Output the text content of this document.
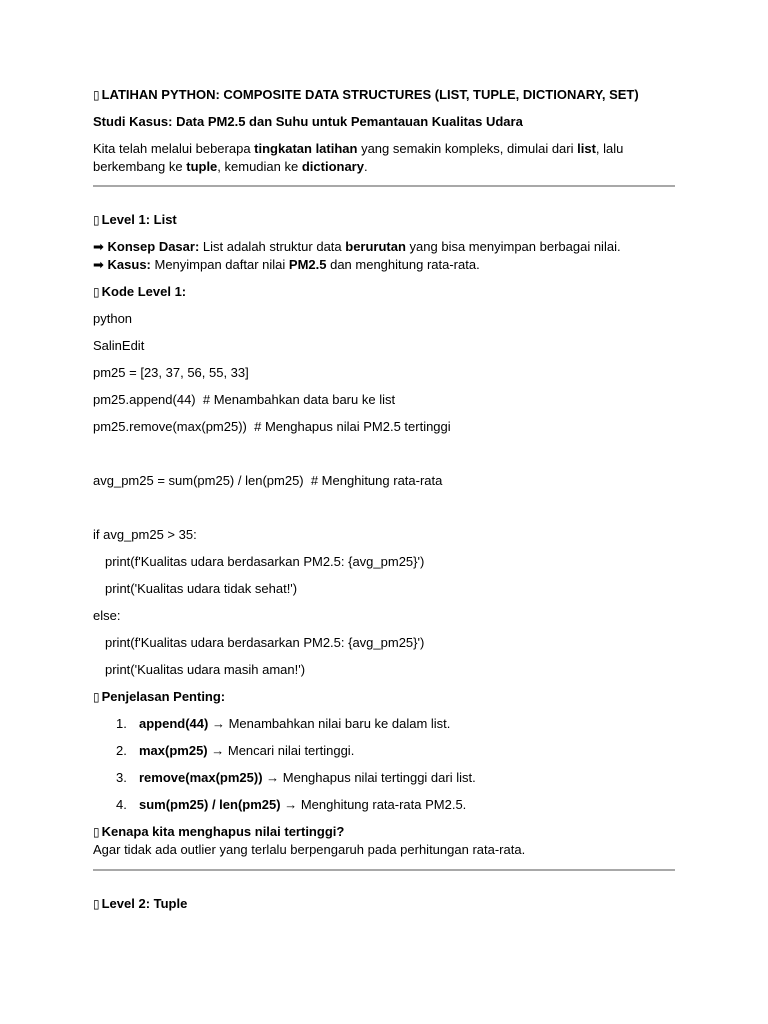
▯ LATIHAN PYTHON: COMPOSITE DATA STRUCTURES (LIST, TUPLE, DICTIONARY, SET)
Studi Kasus: Data PM2.5 dan Suhu untuk Pemantauan Kualitas Udara
Kita telah melalui beberapa tingkatan latihan yang semakin kompleks, dimulai dari list, lalu berkembang ke tuple, kemudian ke dictionary.
▯ Level 1: List
➡ Konsep Dasar: List adalah struktur data berurutan yang bisa menyimpan berbagai nilai.
➡ Kasus: Menyimpan daftar nilai PM2.5 dan menghitung rata-rata.
▯ Kode Level 1:
python
SalinEdit
pm25 = [23, 37, 56, 55, 33]
pm25.append(44)  # Menambahkan data baru ke list
pm25.remove(max(pm25))  # Menghapus nilai PM2.5 tertinggi
avg_pm25 = sum(pm25) / len(pm25)  # Menghitung rata-rata
if avg_pm25 > 35:
print(f'Kualitas udara berdasarkan PM2.5: {avg_pm25}')
print('Kualitas udara tidak sehat!')
else:
print(f'Kualitas udara berdasarkan PM2.5: {avg_pm25}')
print('Kualitas udara masih aman!')
▯ Penjelasan Penting:
1. append(44) → Menambahkan nilai baru ke dalam list.
2. max(pm25) → Mencari nilai tertinggi.
3. remove(max(pm25)) → Menghapus nilai tertinggi dari list.
4. sum(pm25) / len(pm25) → Menghitung rata-rata PM2.5.
▯ Kenapa kita menghapus nilai tertinggi?
Agar tidak ada outlier yang terlalu berpengaruh pada perhitungan rata-rata.
▯ Level 2: Tuple
